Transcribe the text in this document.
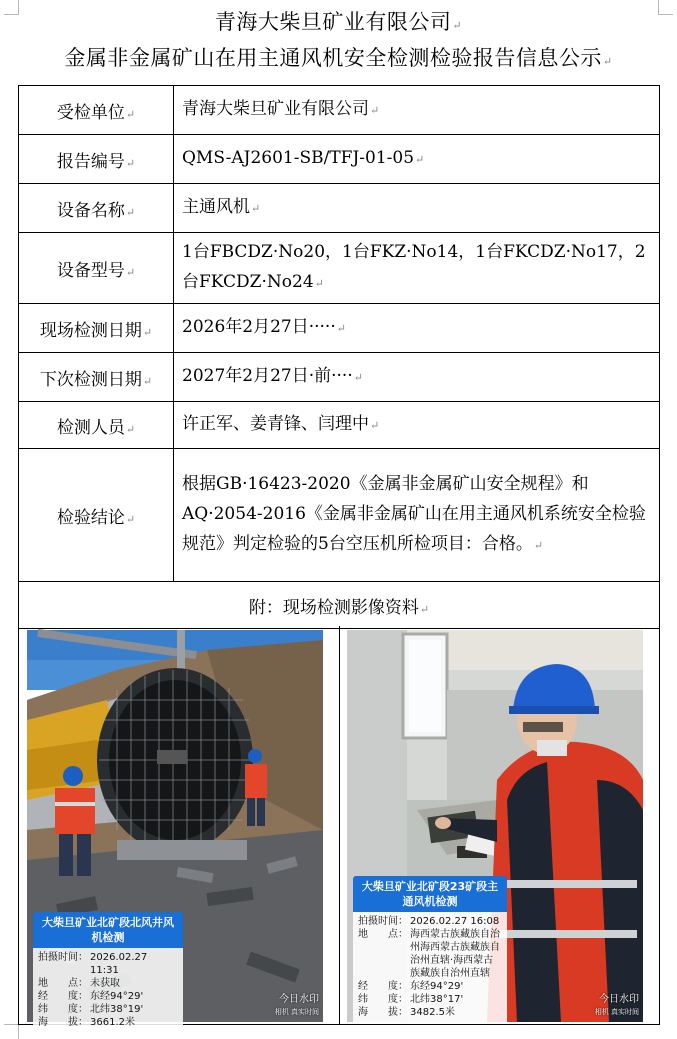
青海大柴旦矿业有限公司↵
金属非金属矿山在用主通风机安全检测检验报告信息公示↵
受检单位↵	青海大柴旦矿业有限公司↵
报告编号↵	QMS-AJ2601-SB/TFJ-01-05↵
设备名称↵	主通风机↵
设备型号↵	1台FBCDZ·No20，1台FKZ·No14，1台FKCDZ·No17，2台FKCDZ·No24↵
现场检测日期↵	2026年2月27日·····↵
下次检测日期↵	2027年2月27日·前····↵
检测人员↵	许正军、姜青锋、闫理中↵
检验结论↵	根据GB·16423-2020《金属非金属矿山安全规程》和AQ·2054-2016《金属非金属矿山在用主通风机系统安全检验规范》判定检验的5台空压机所检项目：合格。↵
附：现场检测影像资料↵	
大柴旦矿业北矿段北风井风机检测
拍摄时间： 2026.02.27 11:31
地　　点： 未获取
经　　度： 东经94°29'
纬　　度： 北纬38°19'
海　　拔： 3661.2米
今日水印
相机 真实时间
大柴旦矿业北矿段23矿段主通风机检测
拍摄时间： 2026.02.27 16:08
地　　点： 海西蒙古族藏族自治州海西蒙古族藏族自治州直辖·海西蒙古族藏族自治州直辖
经　　度： 东经94°29'
纬　　度： 北纬38°17'
海　　拔： 3482.5米
今日水印
相机 真实时间
